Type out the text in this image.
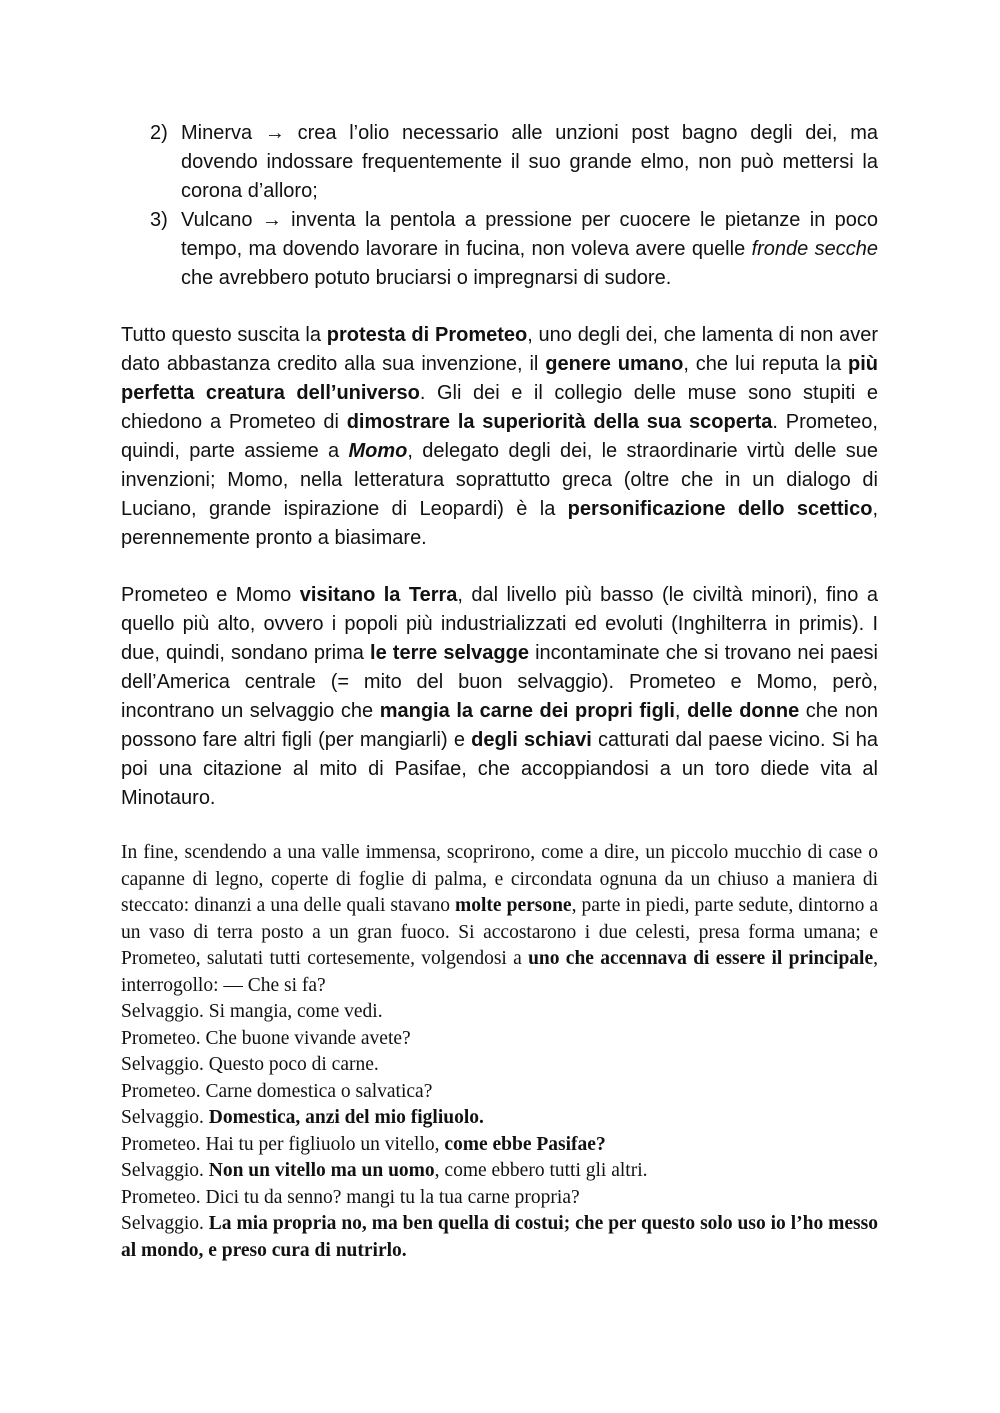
2) Minerva → crea l’olio necessario alle unzioni post bagno degli dei, ma dovendo indossare frequentemente il suo grande elmo, non può mettersi la corona d’alloro;
3) Vulcano → inventa la pentola a pressione per cuocere le pietanze in poco tempo, ma dovendo lavorare in fucina, non voleva avere quelle fronde secche che avrebbero potuto bruciarsi o impregnarsi di sudore.
Tutto questo suscita la protesta di Prometeo, uno degli dei, che lamenta di non aver dato abbastanza credito alla sua invenzione, il genere umano, che lui reputa la più perfetta creatura dell’universo. Gli dei e il collegio delle muse sono stupiti e chiedono a Prometeo di dimostrare la superiorità della sua scoperta. Prometeo, quindi, parte assieme a Momo, delegato degli dei, le straordinarie virtù delle sue invenzioni; Momo, nella letteratura soprattutto greca (oltre che in un dialogo di Luciano, grande ispirazione di Leopardi) è la personificazione dello scettico, perennemente pronto a biasimare.
Prometeo e Momo visitano la Terra, dal livello più basso (le civiltà minori), fino a quello più alto, ovvero i popoli più industrializzati ed evoluti (Inghilterra in primis). I due, quindi, sondano prima le terre selvagge incontaminate che si trovano nei paesi dell’America centrale (= mito del buon selvaggio). Prometeo e Momo, però, incontrano un selvaggio che mangia la carne dei propri figli, delle donne che non possono fare altri figli (per mangiarli) e degli schiavi catturati dal paese vicino. Si ha poi una citazione al mito di Pasifae, che accoppiandosi a un toro diede vita al Minotauro.
In fine, scendendo a una valle immensa, scoprirono, come a dire, un piccolo mucchio di case o capanne di legno, coperte di foglie di palma, e circondata ognuna da un chiuso a maniera di steccato: dinanzi a una delle quali stavano molte persone, parte in piedi, parte sedute, dintorno a un vaso di terra posto a un gran fuoco. Si accostarono i due celesti, presa forma umana; e Prometeo, salutati tutti cortesemente, volgendosi a uno che accennava di essere il principale, interrogollo: — Che si fa?
Selvaggio. Si mangia, come vedi.
Prometeo. Che buone vivande avete?
Selvaggio. Questo poco di carne.
Prometeo. Carne domestica o salvatica?
Selvaggio. Domestica, anzi del mio figliuolo.
Prometeo. Hai tu per figliuolo un vitello, come ebbe Pasifae?
Selvaggio. Non un vitello ma un uomo, come ebbero tutti gli altri.
Prometeo. Dici tu da senno? mangi tu la tua carne propria?
Selvaggio. La mia propria no, ma ben quella di costui; che per questo solo uso io l’ho messo al mondo, e preso cura di nutrirlo.
